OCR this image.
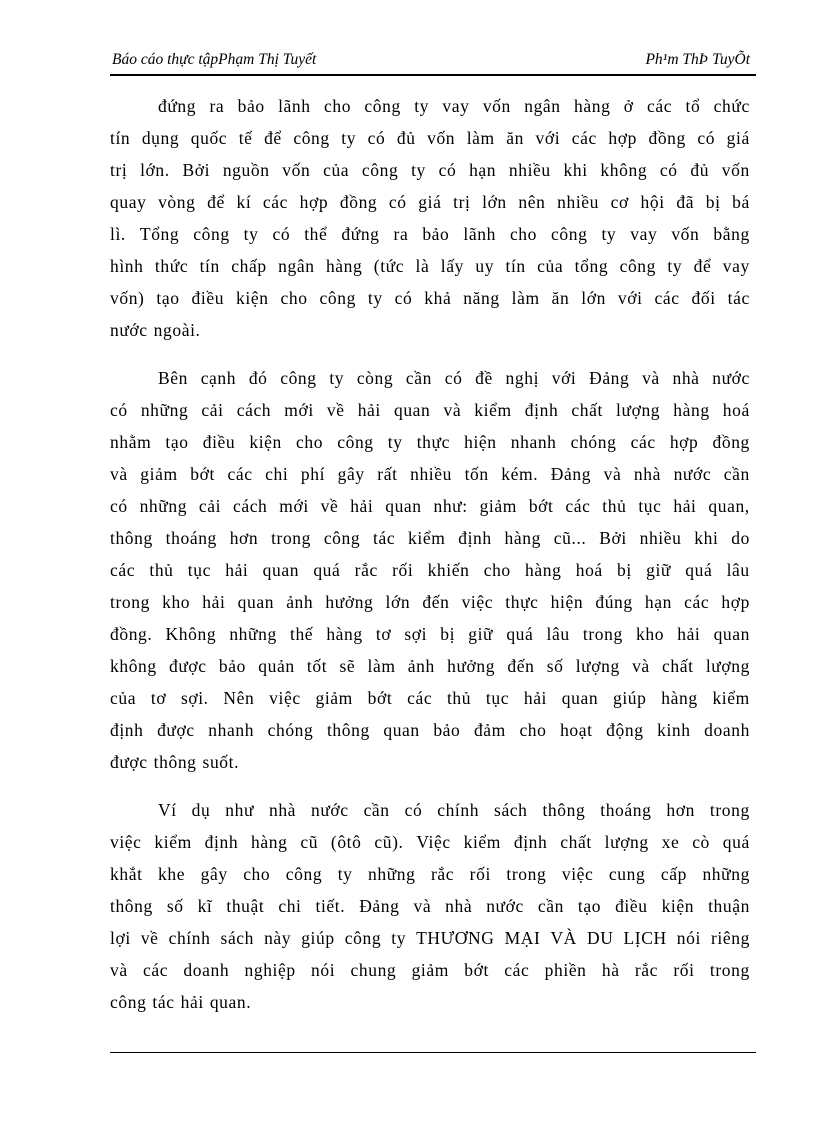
Báo cáo thực tậpPhạm Thị Tuyết	Ph¹m ThÞ TuyÕt
đứng ra bảo lãnh cho công ty vay vốn ngân hàng ở các tổ chức
tín dụng quốc tế để công ty có đủ vốn làm ăn với các hợp đồng có giá
trị lớn. Bởi nguồn vốn của công ty có hạn nhiều khi không có đủ vốn
quay vòng để kí các hợp đồng có giá trị lớn nên nhiều cơ hội đã bị bá
lì. Tổng công ty có thể đứng ra bảo lãnh cho công ty vay vốn bằng
hình thức tín chấp ngân hàng (tức là lấy uy tín của tổng công ty để vay
vốn) tạo điều kiện cho công ty có khả năng làm ăn lớn với các đối tác
nước ngoài.
Bên cạnh đó công ty còng cần có đề nghị với Đảng và nhà nước
có những cải cách mới về hải quan và kiểm định chất lượng hàng hoá
nhằm tạo điều kiện cho công ty thực hiện nhanh chóng các hợp đồng
và giảm bớt các chi phí gây rất nhiều tốn kém. Đảng và nhà nước cần
có những cải cách mới về hải quan như: giảm bớt các thủ tục hải quan,
thông thoáng hơn trong công tác kiểm định hàng cũ... Bởi nhiều khi do
các thủ tục hải quan quá rắc rối khiến cho hàng hoá bị giữ quá lâu
trong kho hải quan ảnh hưởng lớn đến việc thực hiện đúng hạn các hợp
đồng. Không những thế hàng tơ sợi bị giữ quá lâu trong kho hải quan
không được bảo quản tốt sẽ làm ảnh hưởng đến số lượng và chất lượng
của tơ sợi. Nên việc giảm bớt các thủ tục hải quan giúp hàng kiểm
định được nhanh chóng thông quan bảo đảm cho hoạt động kinh doanh
được thông suốt.
Ví dụ như nhà nước cần có chính sách thông thoáng hơn trong
việc kiểm định hàng cũ (ôtô cũ). Việc kiểm định chất lượng xe cò quá
khắt khe gây cho công ty những rắc rối trong việc cung cấp những
thông số kĩ thuật chi tiết. Đảng và nhà nước cần tạo điều kiện thuận
lợi về chính sách này giúp công ty THƯƠNG MẠI VÀ DU LỊCH nói riêng
và các doanh nghiệp nói chung giảm bớt các phiền hà rắc rối trong
công tác hải quan.
